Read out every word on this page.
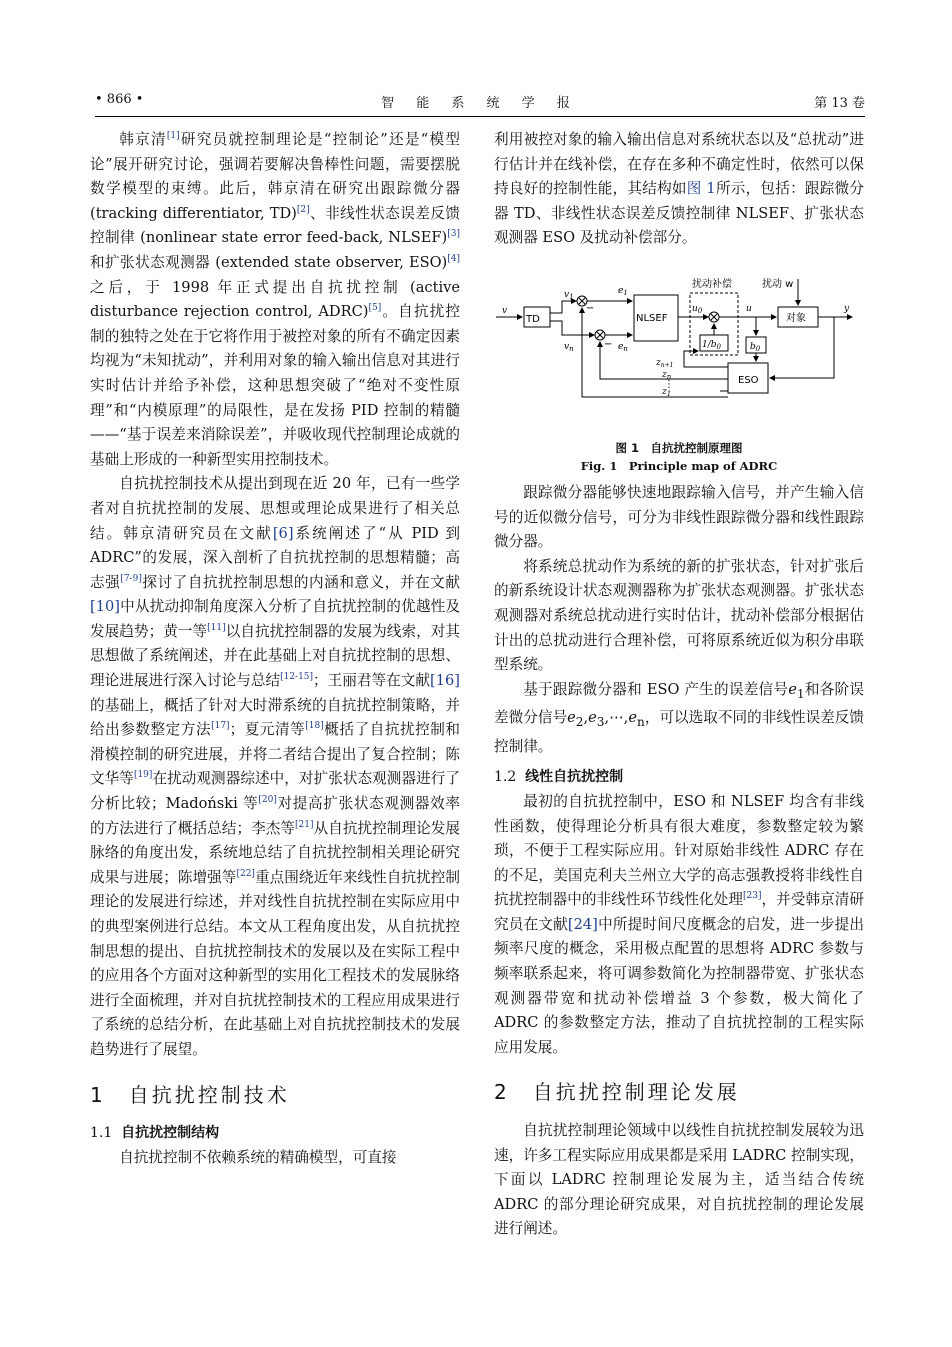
• 866 •	智 能 系 统 学 报	第 13 卷

韩京清[1]研究员就控制理论是“控制论”还是“模型论”展开研究讨论，强调若要解决鲁棒性问题，需要摆脱数学模型的束缚。此后，韩京清在研究出跟踪微分器 (tracking differentiator, TD)[2]、非线性状态误差反馈控制律 (nonlinear state error feed-back, NLSEF)[3]和扩张状态观测器 (extended state observer, ESO)[4]之后，于 1998 年正式提出自抗扰控制 (active disturbance rejection control, ADRC)[5]。自抗扰控制的独特之处在于它将作用于被控对象的所有不确定因素均视为“未知扰动”，并利用对象的输入输出信息对其进行实时估计并给予补偿，这种思想突破了“绝对不变性原理”和“内模原理”的局限性，是在发扬 PID 控制的精髓——“基于误差来消除误差”，并吸收现代控制理论成就的基础上形成的一种新型实用控制技术。

自抗扰控制技术从提出到现在近 20 年，已有一些学者对自抗扰控制的发展、思想或理论成果进行了相关总结。韩京清研究员在文献[6]系统阐述了“从 PID 到 ADRC”的发展，深入剖析了自抗扰控制的思想精髓；高志强[7-9]探讨了自抗扰控制思想的内涵和意义，并在文献[10]中从扰动抑制角度深入分析了自抗扰控制的优越性及发展趋势；黄一等[11]以自抗扰控制器的发展为线索，对其思想做了系统阐述，并在此基础上对自抗扰控制的思想、理论进展进行深入讨论与总结[12-15]；王丽君等在文献[16]的基础上，概括了针对大时滞系统的自抗扰控制策略，并给出参数整定方法[17]；夏元清等[18]概括了自抗扰控制和滑模控制的研究进展，并将二者结合提出了复合控制；陈文华等[19]在扰动观测器综述中，对扩张状态观测器进行了分析比较；Madoński 等[20]对提高扩张状态观测器效率的方法进行了概括总结；李杰等[21]从自抗扰控制理论发展脉络的角度出发，系统地总结了自抗扰控制相关理论研究成果与进展；陈增强等[22]重点围绕近年来线性自抗扰控制理论的发展进行综述，并对线性自抗扰控制在实际应用中的典型案例进行总结。本文从工程角度出发，从自抗扰控制思想的提出、自抗扰控制技术的发展以及在实际工程中的应用各个方面对这种新型的实用化工程技术的发展脉络进行全面梳理，并对自抗扰控制技术的工程应用成果进行了系统的总结分析，在此基础上对自抗扰控制技术的发展趋势进行了展望。

1　自抗扰控制技术
1.1 自抗扰控制结构

自抗扰控制不依赖系统的精确模型，可直接

利用被控对象的输入输出信息对系统状态以及“总扰动”进行估计并在线补偿，在存在多种不确定性时，依然可以保持良好的控制性能，其结构如图 1所示，包括：跟踪微分器 TD、非线性状态误差反馈控制律 NLSEF、扩张状态观测器 ESO 及扰动补偿部分。

TD	NLSEF
ESO
对象
扰动补偿	扰动 w
v
$v_1$
$v_n$
$e_1$
$e_n$
$u_0$	u	y
$1/b_0$	$b_0$
$z_{n+1}$
$z_n$
$z_1$
−
−
⋮
图 1　自抗扰控制原理图
Fig. 1　Principle map of ADRC

跟踪微分器能够快速地跟踪输入信号，并产生输入信号的近似微分信号，可分为非线性跟踪微分器和线性跟踪微分器。

将系统总扰动作为系统的新的扩张状态，针对扩张后的新系统设计状态观测器称为扩张状态观测器。扩张状态观测器对系统总扰动进行实时估计，扰动补偿部分根据估计出的总扰动进行合理补偿，可将原系统近似为积分串联型系统。

基于跟踪微分器和 ESO 产生的误差信号$e_1$和各阶误差微分信号$e_2,e_3,\cdots,e_n$，可以选取不同的非线性误差反馈控制律。

1.2 线性自抗扰控制

最初的自抗扰控制中，ESO 和 NLSEF 均含有非线性函数，使得理论分析具有很大难度，参数整定较为繁琐，不便于工程实际应用。针对原始非线性 ADRC 存在的不足，美国克利夫兰州立大学的高志强教授将非线性自抗扰控制器中的非线性环节线性化处理[23]，并受韩京清研究员在文献[24]中所提时间尺度概念的启发，进一步提出频率尺度的概念，采用极点配置的思想将 ADRC 参数与频率联系起来，将可调参数简化为控制器带宽、扩张状态观测器带宽和扰动补偿增益 3 个参数，极大简化了 ADRC 的参数整定方法，推动了自抗扰控制的工程实际应用发展。

2　自抗扰控制理论发展

自抗扰控制理论领域中以线性自抗扰控制发展较为迅速，许多工程实际应用成果都是采用 LADRC 控制实现，下面以 LADRC 控制理论发展为主，适当结合传统 ADRC 的部分理论研究成果，对自抗扰控制的理论发展进行阐述。
